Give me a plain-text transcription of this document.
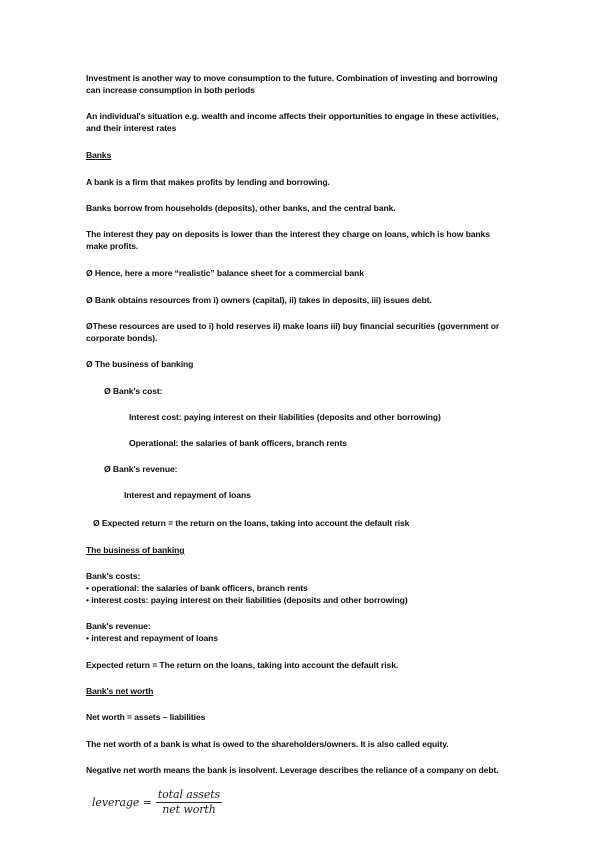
Investment is another way to move consumption to the future. Combination of investing and borrowing
can increase consumption in both periods
An individual's situation e.g. wealth and income affects their opportunities to engage in these activities,
and their interest rates
Banks
A bank is a firm that makes profits by lending and borrowing.
Banks borrow from households (deposits), other banks, and the central bank.
The interest they pay on deposits is lower than the interest they charge on loans, which is how banks
make profits.
Ø Hence, here a more “realistic” balance sheet for a commercial bank
Ø Bank obtains resources from i) owners (capital), ii) takes in deposits, iii) issues debt.
ØThese resources are used to i) hold reserves ii) make loans iii) buy financial securities (government or
corporate bonds).
Ø The business of banking
Ø Bank's cost:
Interest cost: paying interest on their liabilities (deposits and other borrowing)
Operational: the salaries of bank officers, branch rents
Ø Bank's revenue:
Interest and repayment of loans
Ø Expected return = the return on the loans, taking into account the default risk
The business of banking
Bank's costs:
• operational: the salaries of bank officers, branch rents
• interest costs: paying interest on their liabilities (deposits and other borrowing)
Bank's revenue:
• interest and repayment of loans
Expected return = The return on the loans, taking into account the default risk.
Bank's net worth
Net worth = assets – liabilities
The net worth of a bank is what is owed to the shareholders/owners. It is also called equity.
Negative net worth means the bank is insolvent. Leverage describes the reliance of a company on debt.
leverage = $\frac{\text{total assets}}{\text{net worth}}$
